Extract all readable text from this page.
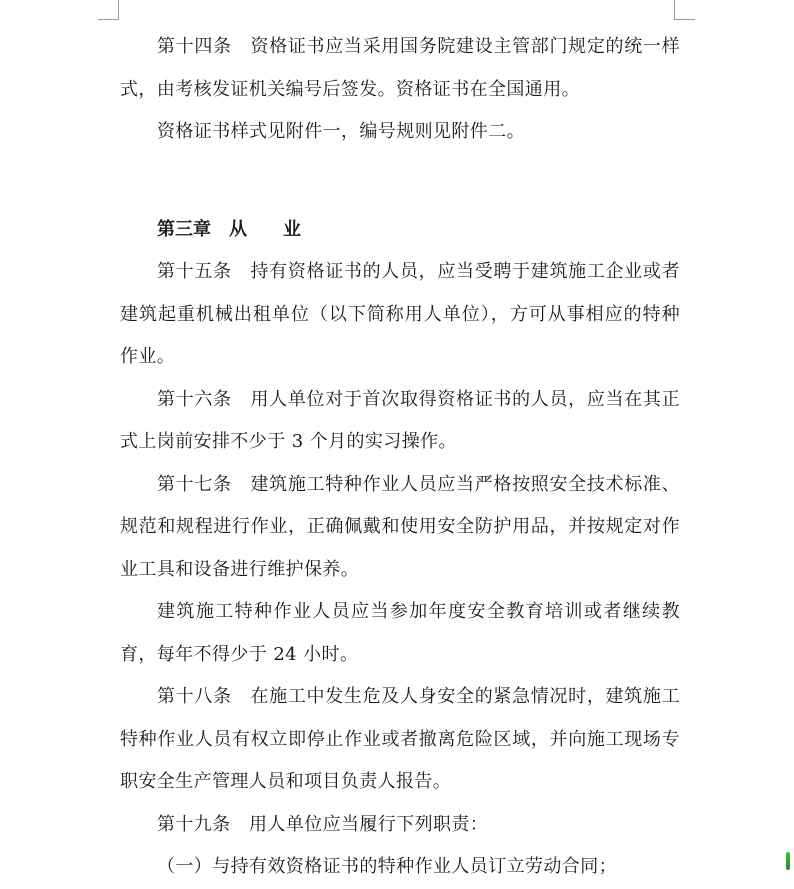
第十四条　资格证书应当采用国务院建设主管部门规定的统一样式，由考核发证机关编号后签发。资格证书在全国通用。

资格证书样式见附件一，编号规则见附件二。

第三章　从　　业

第十五条　持有资格证书的人员，应当受聘于建筑施工企业或者建筑起重机械出租单位（以下简称用人单位），方可从事相应的特种作业。

第十六条　用人单位对于首次取得资格证书的人员，应当在其正式上岗前安排不少于 3 个月的实习操作。

第十七条　建筑施工特种作业人员应当严格按照安全技术标准、规范和规程进行作业，正确佩戴和使用安全防护用品，并按规定对作业工具和设备进行维护保养。

建筑施工特种作业人员应当参加年度安全教育培训或者继续教育，每年不得少于 24 小时。

第十八条　在施工中发生危及人身安全的紧急情况时，建筑施工特种作业人员有权立即停止作业或者撤离危险区域，并向施工现场专职安全生产管理人员和项目负责人报告。

第十九条　用人单位应当履行下列职责：

（一）与持有效资格证书的特种作业人员订立劳动合同；
